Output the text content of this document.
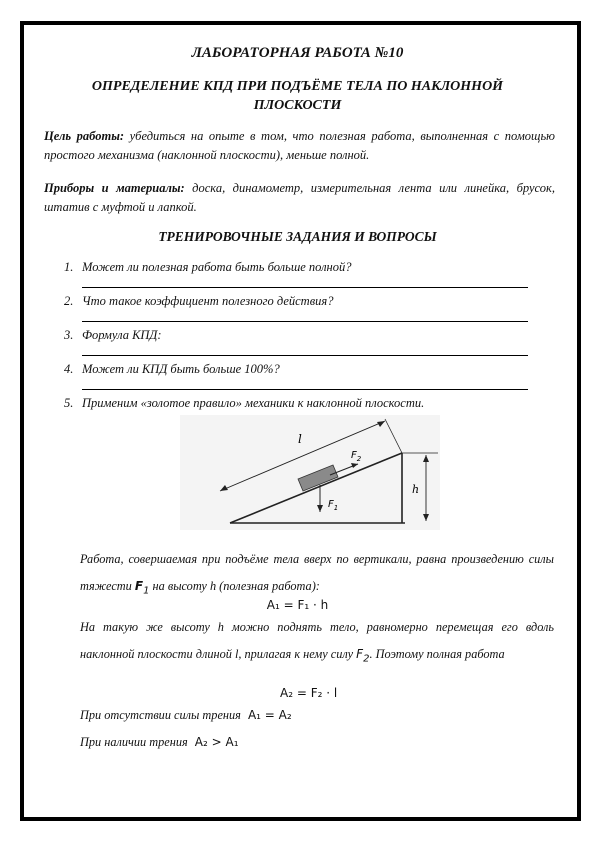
ЛАБОРАТОРНАЯ РАБОТА №10
ОПРЕДЕЛЕНИЕ КПД ПРИ ПОДЪЁМЕ ТЕЛА ПО НАКЛОННОЙ ПЛОСКОСТИ
Цель работы: убедиться на опыте в том, что полезная работа, выполненная с помощью простого механизма (наклонной плоскости), меньше полной.
Приборы и материалы: доска, динамометр, измерительная лента или линейка, брусок, штатив с муфтой и лапкой.
ТРЕНИРОВОЧНЫЕ ЗАДАНИЯ И ВОПРОСЫ
1. Может ли полезная работа быть больше полной?
2. Что такое коэффициент полезного действия?
3. Формула КПД:
4. Может ли КПД быть больше 100%?
5. Применим «золотое правило» механики к наклонной плоскости.
l
$F_2$
$F_1$
h
Работа, совершаемая при подъёме тела вверх по вертикали, равна произведению силы тяжести $F_1$ на высоту h (полезная работа):
A₁ = F₁ · h
На такую же высоту h можно поднять тело, равномерно перемещая его вдоль наклонной плоскости длиной l, прилагая к нему силу $F_2$. Поэтому полная работа
A₂ = F₂ · l
При отсутствии силы трения A₁ = A₂
При наличии трения A₂ > A₁
